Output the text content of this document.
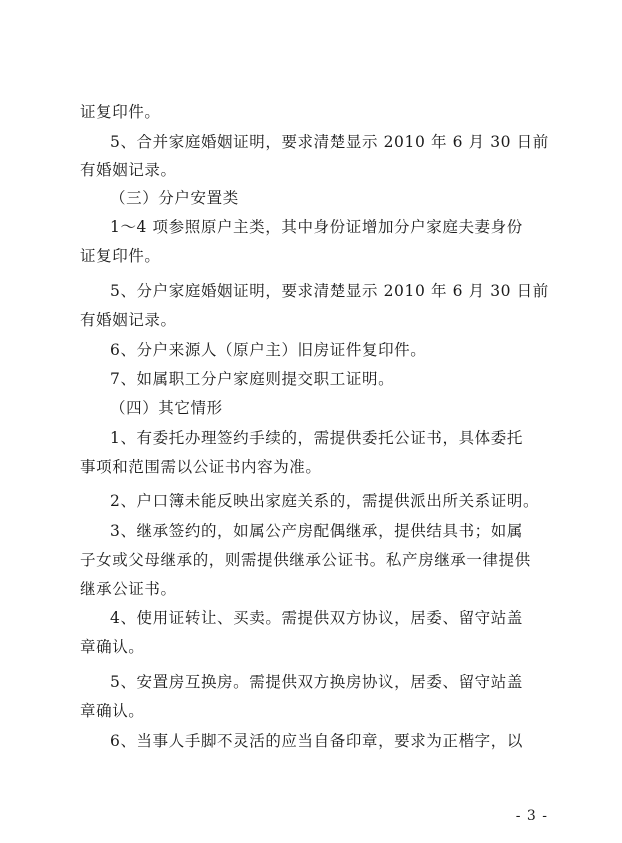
证复印件。
5、合并家庭婚姻证明，要求清楚显示 2010 年 6 月 30 日前
有婚姻记录。
（三）分户安置类
1～4 项参照原户主类，其中身份证增加分户家庭夫妻身份
证复印件。
5、分户家庭婚姻证明，要求清楚显示 2010 年 6 月 30 日前
有婚姻记录。
6、分户来源人（原户主）旧房证件复印件。
7、如属职工分户家庭则提交职工证明。
（四）其它情形
1、有委托办理签约手续的，需提供委托公证书，具体委托
事项和范围需以公证书内容为准。
2、户口簿未能反映出家庭关系的，需提供派出所关系证明。
3、继承签约的，如属公产房配偶继承，提供结具书；如属
子女或父母继承的，则需提供继承公证书。私产房继承一律提供
继承公证书。
4、使用证转让、买卖。需提供双方协议，居委、留守站盖
章确认。
5、安置房互换房。需提供双方换房协议，居委、留守站盖
章确认。
6、当事人手脚不灵活的应当自备印章，要求为正楷字，以
- 3 -
